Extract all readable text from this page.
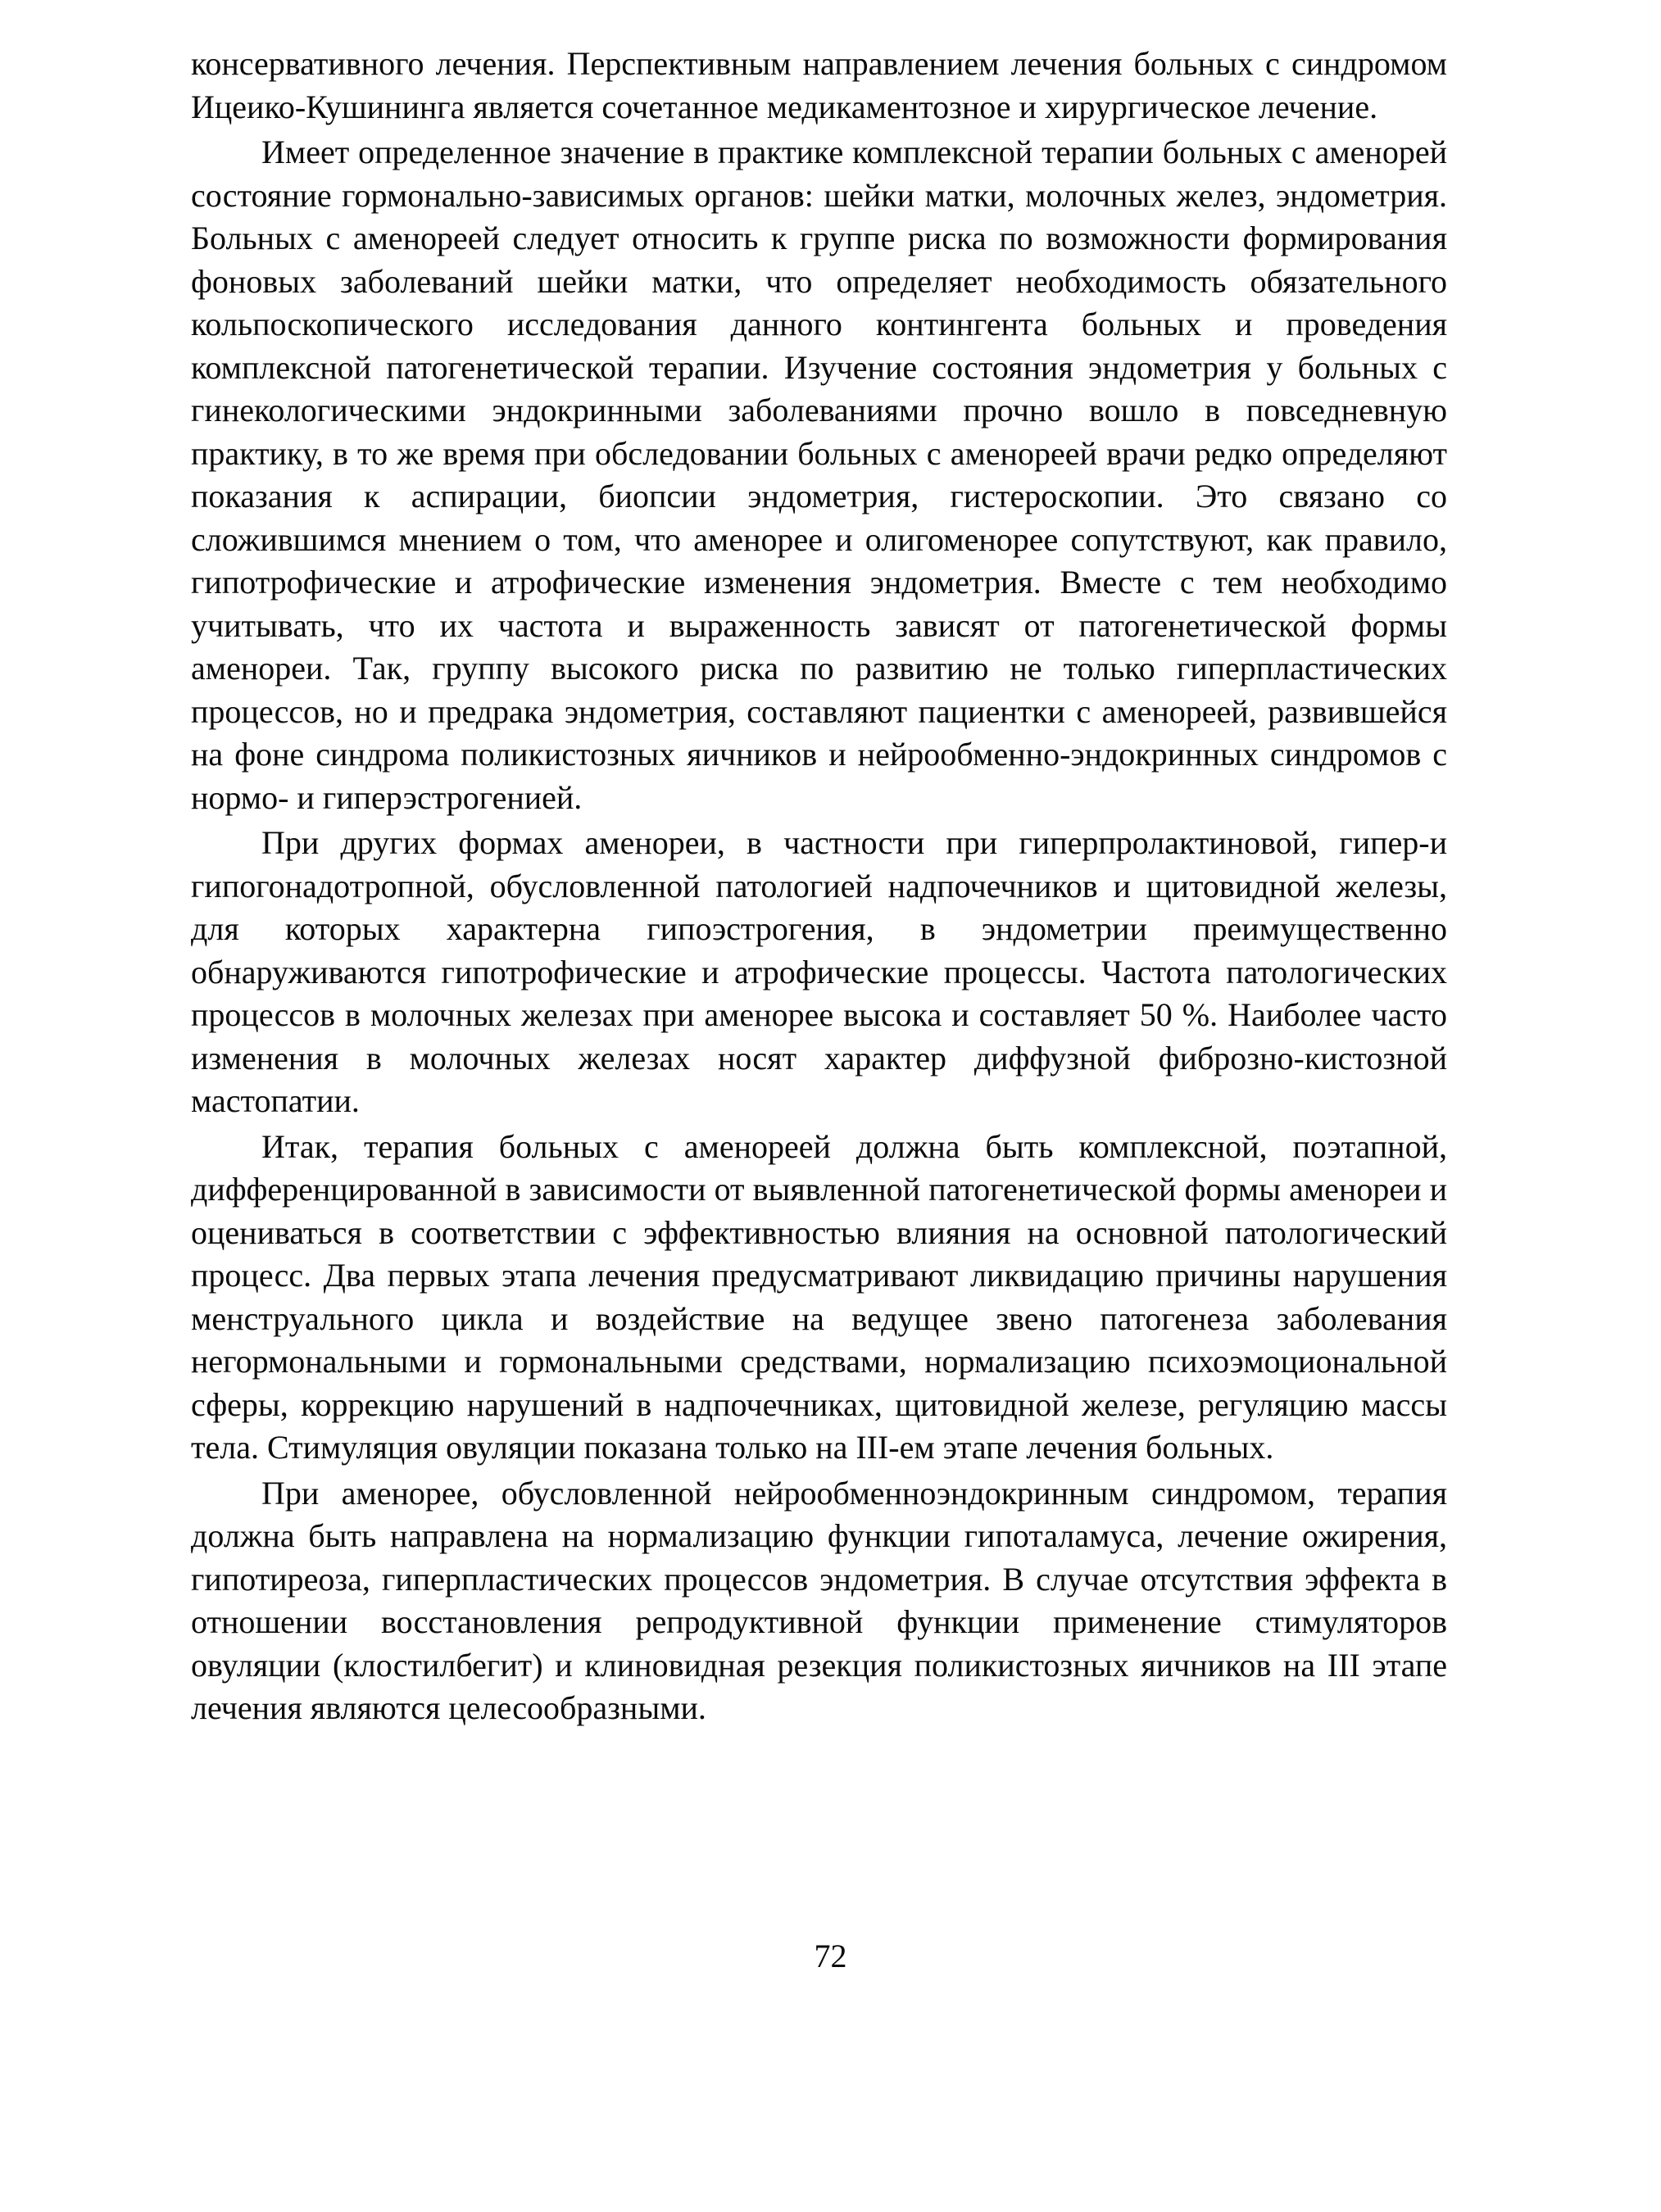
консервативного лечения. Перспективным направлением лечения больных с синдромом Ицеико-Кушининга является сочетанное медикаментозное и хирургическое лечение.

Имеет определенное значение в практике комплексной терапии больных с аменорей состояние гормонально-зависимых органов: шейки матки, молочных желез, эндометрия. Больных с аменореей следует относить к группе риска по возможности формирования фоновых заболеваний шейки матки, что определяет необходимость обязательного кольпоскопического исследования данного контингента больных и проведения комплексной патогенетической терапии. Изучение состояния эндометрия у больных с гинекологическими эндокринными заболеваниями прочно вошло в повседневную практику, в то же время при обследовании больных с аменореей врачи редко определяют показания к аспирации, биопсии эндометрия, гистероскопии. Это связано со сложившимся мнением о том, что аменорее и олигоменорее сопутствуют, как правило, гипотрофические и атрофические изменения эндометрия. Вместе с тем необходимо учитывать, что их частота и выраженность зависят от патогенетической формы аменореи. Так, группу высокого риска по развитию не только гиперпластических процессов, но и предрака эндометрия, составляют пациентки с аменореей, развившейся на фоне синдрома поликистозных яичников и нейрообменно-эндокринных синдромов с нормо- и гиперэстрогенией.

При других формах аменореи, в частности при гиперпролактиновой, гипер-и гипогонадотропной, обусловленной патологией надпочечников и щитовидной железы, для которых характерна гипоэстрогения, в эндометрии преимущественно обнаруживаются гипотрофические и атрофические процессы. Частота патологических процессов в молочных железах при аменорее высока и составляет 50 %. Наиболее часто изменения в молочных железах носят характер диффузной фиброзно-кистозной мастопатии.

Итак, терапия больных с аменореей должна быть комплексной, поэтапной, дифференцированной в зависимости от выявленной патогенетической формы аменореи и оцениваться в соответствии с эффективностью влияния на основной патологический процесс. Два первых этапа лечения предусматривают ликвидацию причины нарушения менструального цикла и воздействие на ведущее звено патогенеза заболевания негормональными и гормональными средствами, нормализацию психоэмоциональной сферы, коррекцию нарушений в надпочечниках, щитовидной железе, регуляцию массы тела. Стимуляция овуляции показана только на III-ем этапе лечения больных.

При аменорее, обусловленной нейрообменноэндокринным синдромом, терапия должна быть направлена на нормализацию функции гипоталамуса, лечение ожирения, гипотиреоза, гиперпластических процессов эндометрия. В случае отсутствия эффекта в отношении восстановления репродуктивной функции применение стимуляторов овуляции (клостилбегит) и клиновидная резекция поликистозных яичников на III этапе лечения являются целесообразными.

72
